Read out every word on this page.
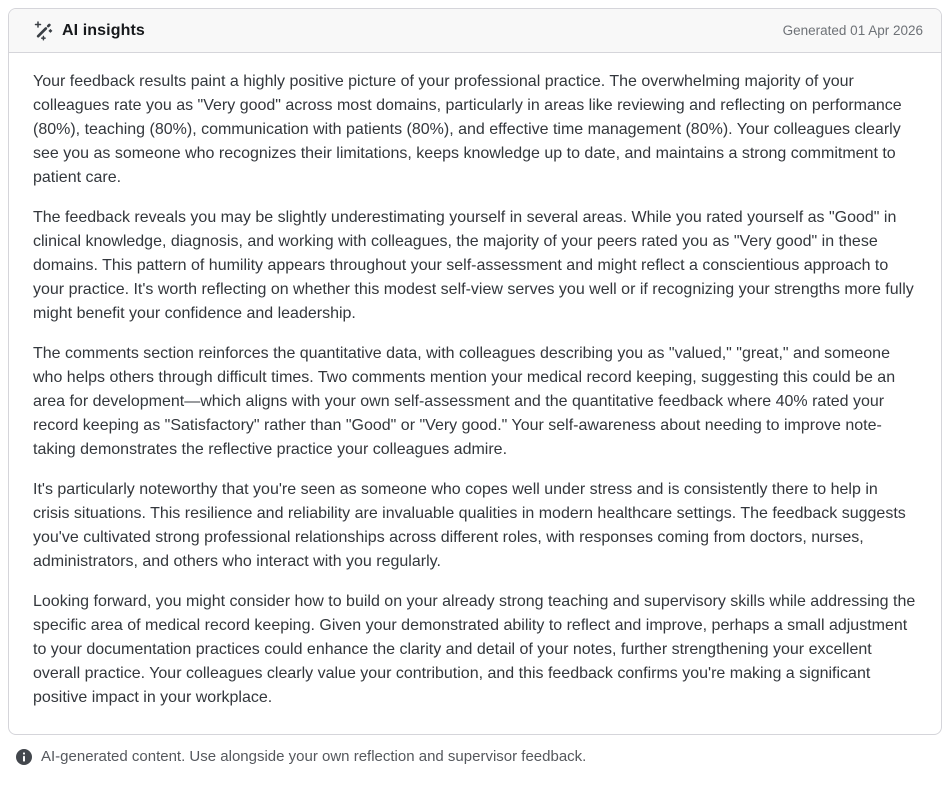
AI insights	Generated 01 Apr 2026

Your feedback results paint a highly positive picture of your professional practice. The overwhelming majority of your colleagues rate you as "Very good" across most domains, particularly in areas like reviewing and reflecting on performance (80%), teaching (80%), communication with patients (80%), and effective time management (80%). Your colleagues clearly see you as someone who recognizes their limitations, keeps knowledge up to date, and maintains a strong commitment to patient care.

The feedback reveals you may be slightly underestimating yourself in several areas. While you rated yourself as "Good" in clinical knowledge, diagnosis, and working with colleagues, the majority of your peers rated you as "Very good" in these domains. This pattern of humility appears throughout your self-assessment and might reflect a conscientious approach to your practice. It's worth reflecting on whether this modest self-view serves you well or if recognizing your strengths more fully might benefit your confidence and leadership.

The comments section reinforces the quantitative data, with colleagues describing you as "valued," "great," and someone who helps others through difficult times. Two comments mention your medical record keeping, suggesting this could be an area for development—which aligns with your own self-assessment and the quantitative feedback where 40% rated your record keeping as "Satisfactory" rather than "Good" or "Very good." Your self-awareness about needing to improve note-taking demonstrates the reflective practice your colleagues admire.

It's particularly noteworthy that you're seen as someone who copes well under stress and is consistently there to help in crisis situations. This resilience and reliability are invaluable qualities in modern healthcare settings. The feedback suggests you've cultivated strong professional relationships across different roles, with responses coming from doctors, nurses, administrators, and others who interact with you regularly.

Looking forward, you might consider how to build on your already strong teaching and supervisory skills while addressing the specific area of medical record keeping. Given your demonstrated ability to reflect and improve, perhaps a small adjustment to your documentation practices could enhance the clarity and detail of your notes, further strengthening your excellent overall practice. Your colleagues clearly value your contribution, and this feedback confirms you're making a significant positive impact in your workplace.

AI-generated content. Use alongside your own reflection and supervisor feedback.
